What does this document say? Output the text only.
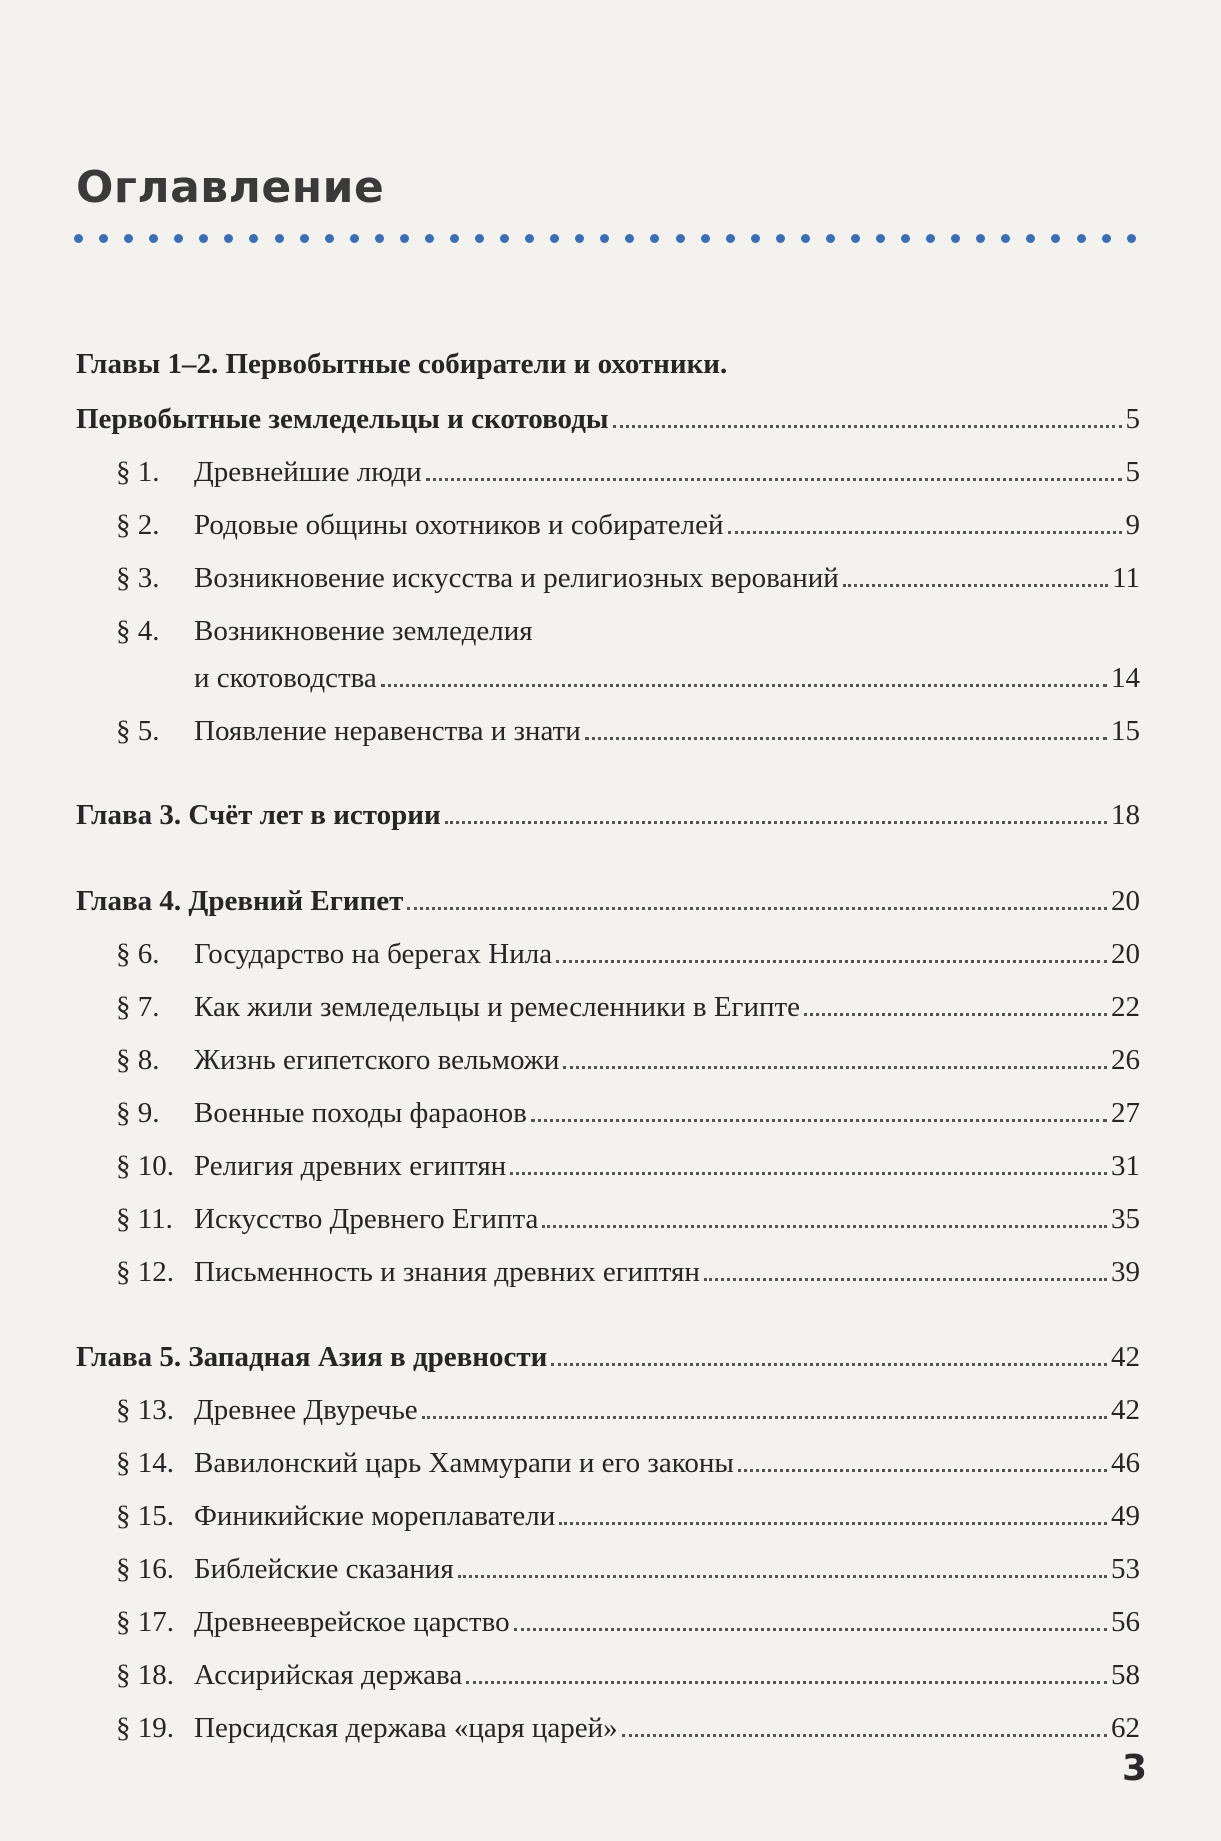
Оглавление
Главы 1–2. Первобытные собиратели и охотники.
Первобытные земледельцы и скотоводы	5
§ 1.	Древнейшие люди	5
§ 2.	Родовые общины охотников и собирателей	9
§ 3.	Возникновение искусства и религиозных верований	11
§ 4.	Возникновение земледелия
и скотоводства	14
§ 5.	Появление неравенства и знати	15
Глава 3. Счёт лет в истории	18
Глава 4. Древний Египет	20
§ 6.	Государство на берегах Нила	20
§ 7.	Как жили земледельцы и ремесленники в Египте	22
§ 8.	Жизнь египетского вельможи	26
§ 9.	Военные походы фараонов	27
§ 10. Религия древних египтян	31
§ 11. Искусство Древнего Египта	35
§ 12. Письменность и знания древних египтян	39
Глава 5. Западная Азия в древности	42
§ 13. Древнее Двуречье	42
§ 14. Вавилонский царь Хаммурапи и его законы	46
§ 15. Финикийские мореплаватели	49
§ 16. Библейские сказания	53
§ 17. Древнееврейское царство	56
§ 18. Ассирийская держава	58
§ 19. Персидская держава «царя царей»	62
3
